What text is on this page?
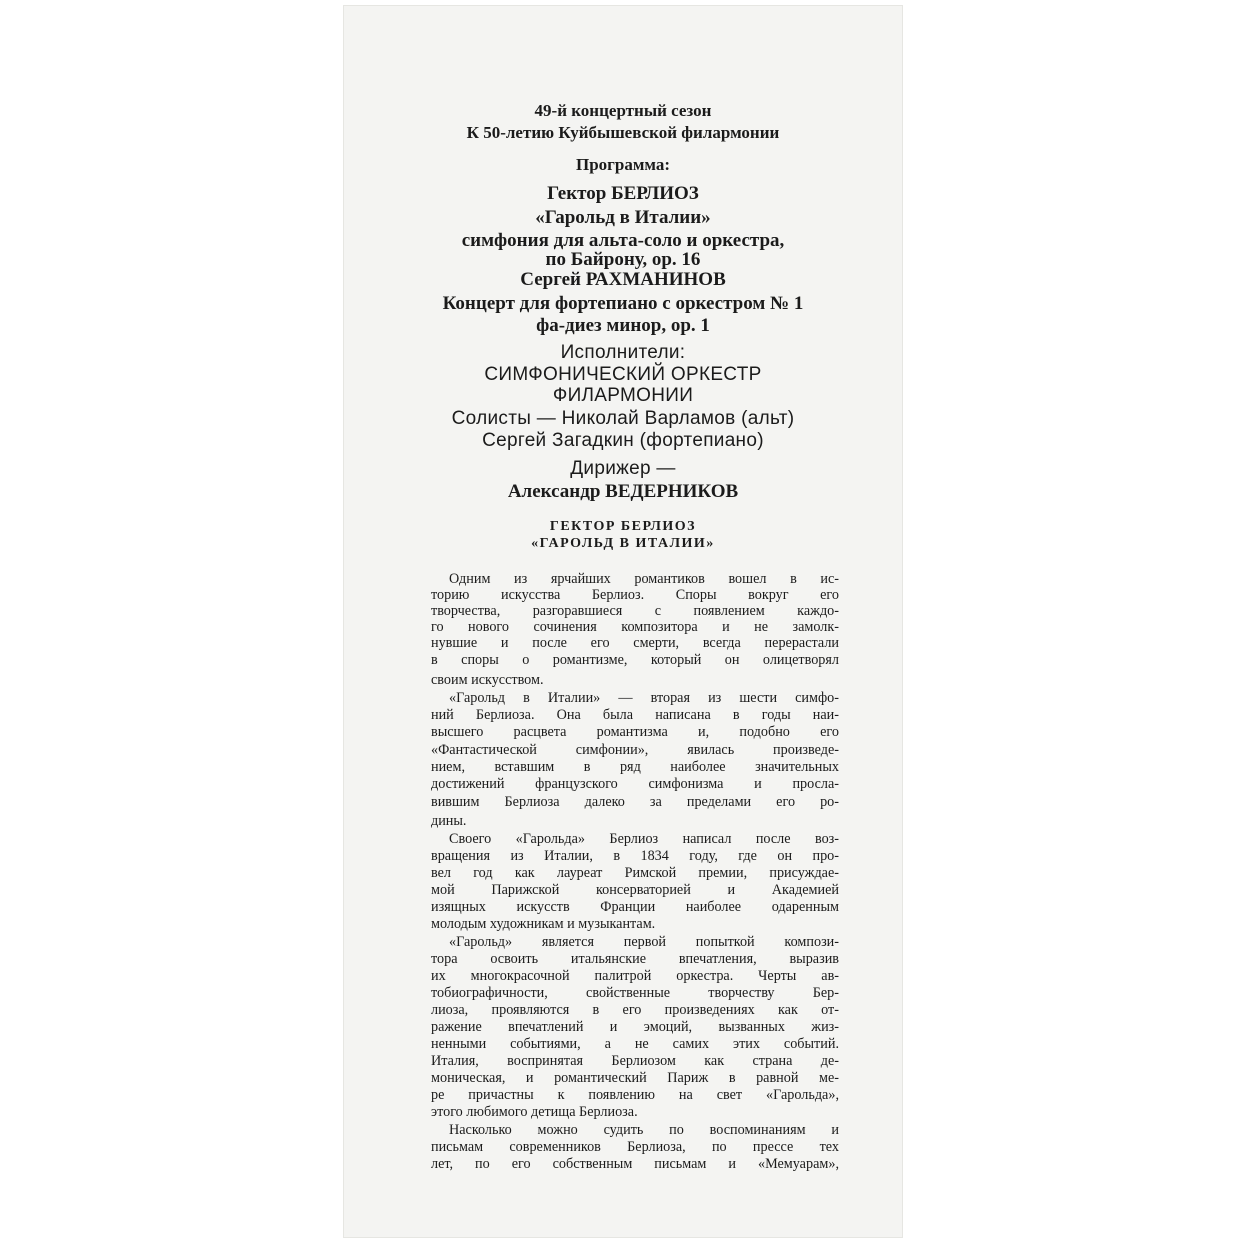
49-й концертный сезон

К 50-летию Куйбышевской филармонии

Программа:

Гектор БЕРЛИОЗ

«Гарольд в Италии»

симфония для альта-соло и оркестра,

по Байрону, ор. 16

Сергей РАХМАНИНОВ

Концерт для фортепиано с оркестром № 1

фа-диез минор, ор. 1

Исполнители:

СИМФОНИЧЕСКИЙ ОРКЕСТР

ФИЛАРМОНИИ

Солисты — Николай Варламов (альт)

Сергей Загадкин (фортепиано)

Дирижер —

Александр ВЕДЕРНИКОВ

ГЕКТОР БЕРЛИОЗ

«ГАРОЛЬД В ИТАЛИИ»

Одним из ярчайших романтиков вошел в ис-

торию искусства Берлиоз. Споры вокруг его

творчества, разгоравшиеся с появлением каждо-

го нового сочинения композитора и не замолк-

нувшие и после его смерти, всегда перерастали

в споры о романтизме, который он олицетворял

своим искусством.

«Гарольд в Италии» — вторая из шести симфо-

ний Берлиоза. Она была написана в годы наи-

высшего расцвета романтизма и, подобно его

«Фантастической симфонии», явилась произведе-

нием, вставшим в ряд наиболее значительных

достижений французского симфонизма и просла-

вившим Берлиоза далеко за пределами его ро-

дины.

Своего «Гарольда» Берлиоз написал после воз-

вращения из Италии, в 1834 году, где он про-

вел год как лауреат Римской премии, присуждае-

мой Парижской консерваторией и Академией

изящных искусств Франции наиболее одаренным

молодым художникам и музыкантам.

«Гарольд» является первой попыткой компози-

тора освоить итальянские впечатления, выразив

их многокрасочной палитрой оркестра. Черты ав-

тобиографичности, свойственные творчеству Бер-

лиоза, проявляются в его произведениях как от-

ражение впечатлений и эмоций, вызванных жиз-

ненными событиями, а не самих этих событий.

Италия, воспринятая Берлиозом как страна де-

моническая, и романтический Париж в равной ме-

ре причастны к появлению на свет «Гарольда»,

этого любимого детища Берлиоза.

Насколько можно судить по воспоминаниям и

письмам современников Берлиоза, по прессе тех

лет, по его собственным письмам и «Мемуарам»,
